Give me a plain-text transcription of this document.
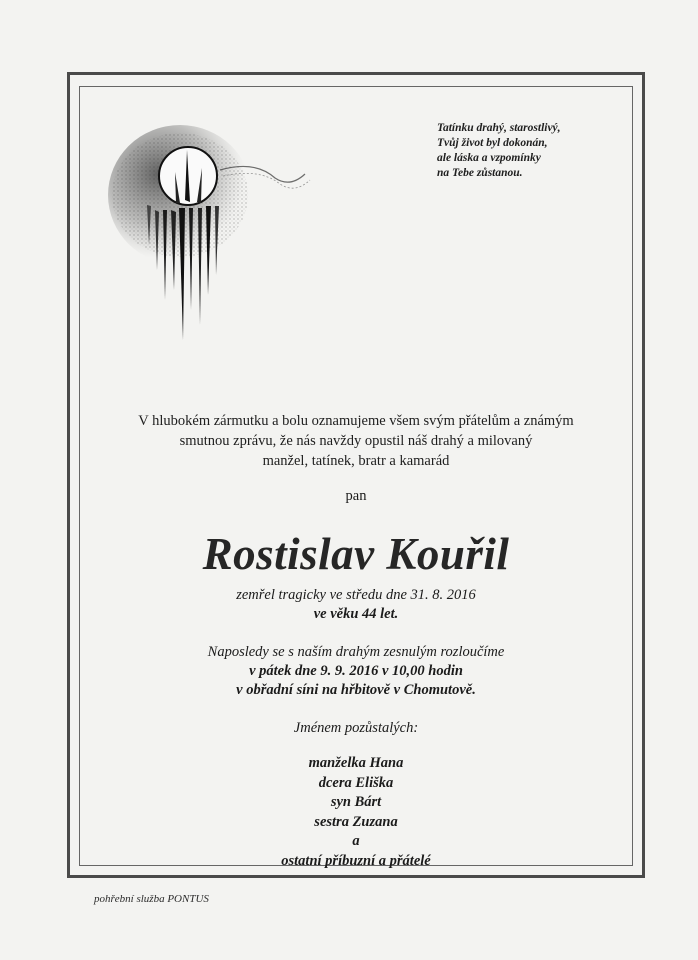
Tatínku drahý, starostlivý,
Tvůj život byl dokonán,
ale láska a vzpomínky
na Tebe zůstanou.
V hlubokém zármutku a bolu oznamujeme všem svým přátelům a známým
smutnou zprávu, že nás navždy opustil náš drahý a milovaný
manžel, tatínek, bratr a kamarád
pan
Rostislav Kouřil
zemřel tragicky ve středu dne 31. 8. 2016
ve věku 44 let.
Naposledy se s naším drahým zesnulým rozloučíme
v pátek dne 9. 9. 2016 v 10,00 hodin
v obřadní síni na hřbitově v Chomutově.
Jménem pozůstalých:
manželka Hana
dcera Eliška
syn Bárt
sestra Zuzana
a
ostatní příbuzní a přátelé
pohřební služba PONTUS
